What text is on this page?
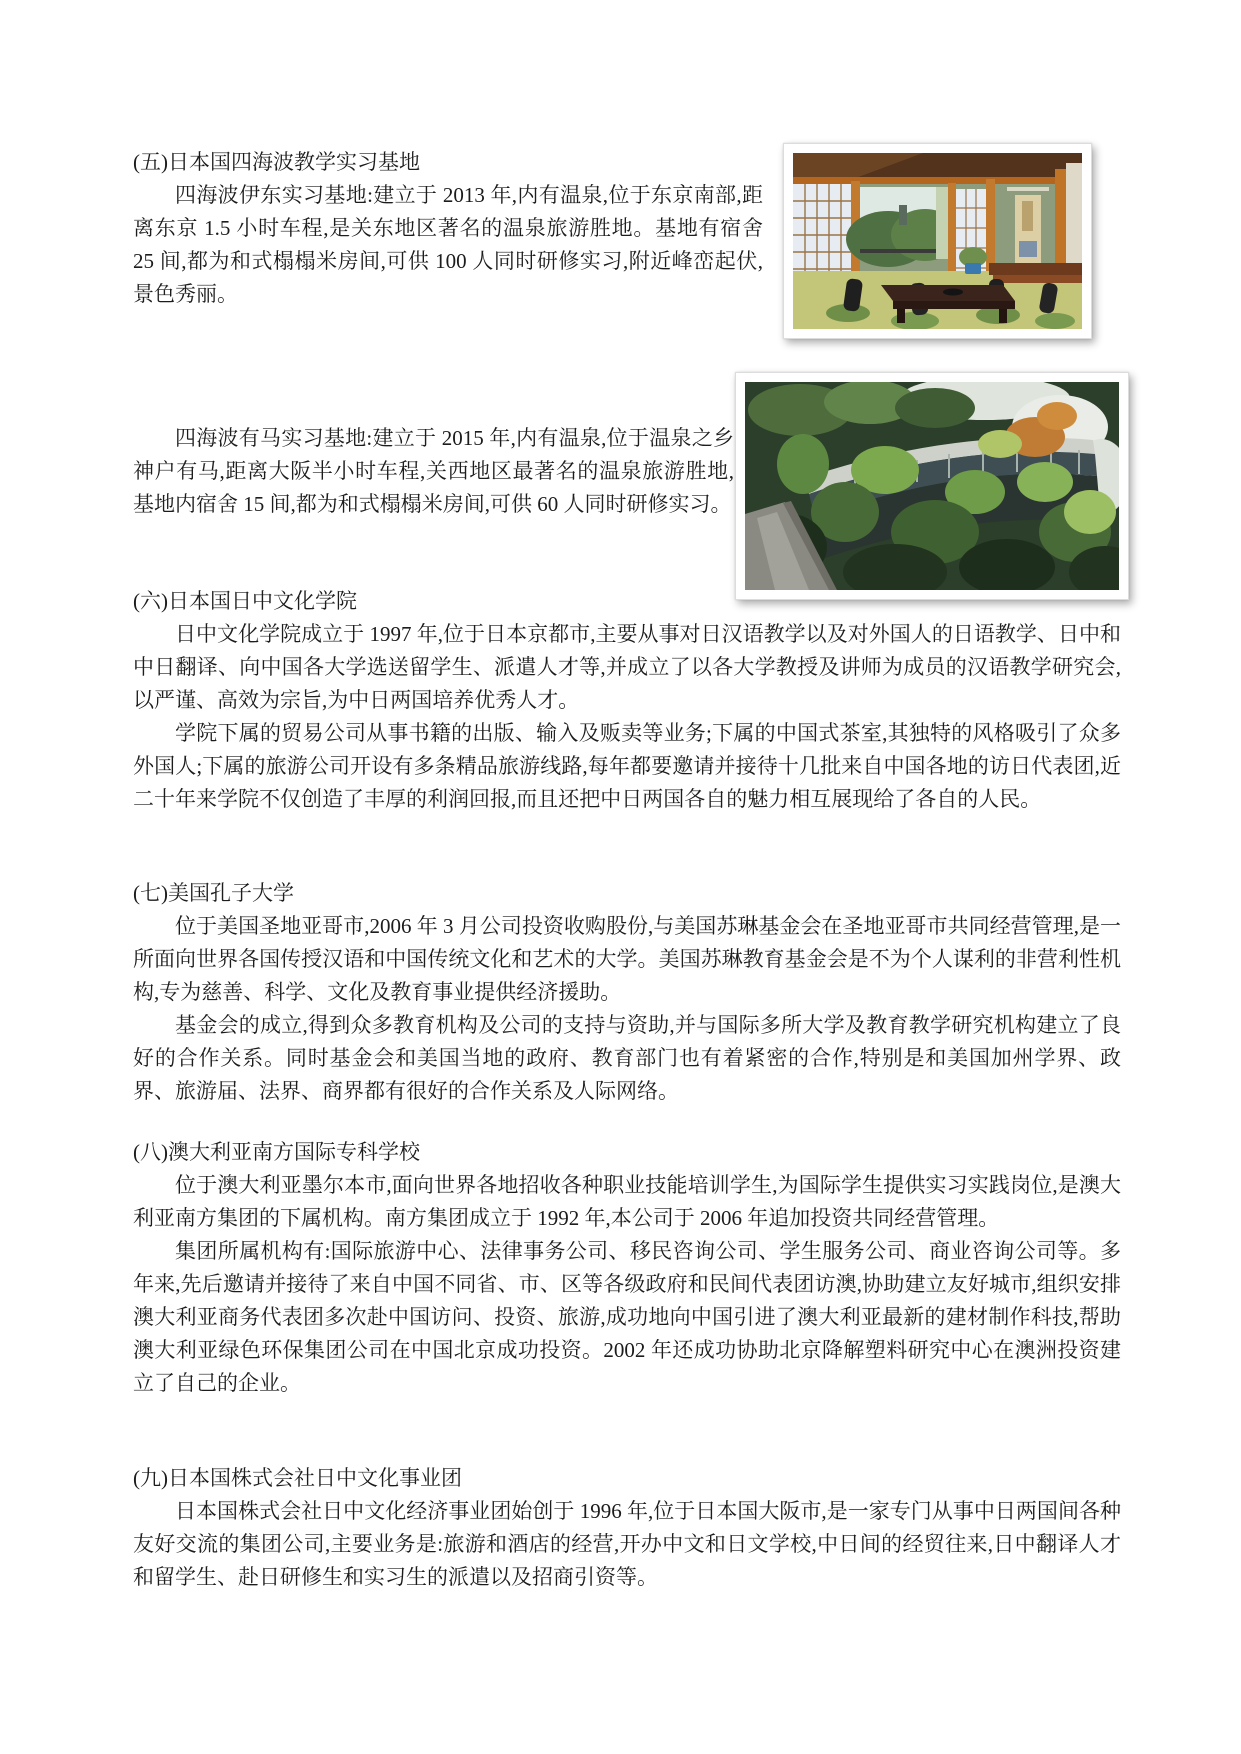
(五)日本国四海波教学实习基地

四海波伊东实习基地:建立于 2013 年,内有温泉,位于东京南部,距离东京 1.5 小时车程,是关东地区著名的温泉旅游胜地。基地有宿舍 25 间,都为和式榻榻米房间,可供 100 人同时研修实习,附近峰峦起伏,景色秀丽。

四海波有马实习基地:建立于 2015 年,内有温泉,位于温泉之乡神户有马,距离大阪半小时车程,关西地区最著名的温泉旅游胜地,基地内宿舍 15 间,都为和式榻榻米房间,可供 60 人同时研修实习。

(六)日本国日中文化学院

日中文化学院成立于 1997 年,位于日本京都市,主要从事对日汉语教学以及对外国人的日语教学、日中和中日翻译、向中国各大学选送留学生、派遣人才等,并成立了以各大学教授及讲师为成员的汉语教学研究会,以严谨、高效为宗旨,为中日两国培养优秀人才。

学院下属的贸易公司从事书籍的出版、输入及贩卖等业务;下属的中国式茶室,其独特的风格吸引了众多外国人;下属的旅游公司开设有多条精品旅游线路,每年都要邀请并接待十几批来自中国各地的访日代表团,近二十年来学院不仅创造了丰厚的利润回报,而且还把中日两国各自的魅力相互展现给了各自的人民。

(七)美国孔子大学

位于美国圣地亚哥市,2006 年 3 月公司投资收购股份,与美国苏琳基金会在圣地亚哥市共同经营管理,是一所面向世界各国传授汉语和中国传统文化和艺术的大学。美国苏琳教育基金会是不为个人谋利的非营利性机构,专为慈善、科学、文化及教育事业提供经济援助。

基金会的成立,得到众多教育机构及公司的支持与资助,并与国际多所大学及教育教学研究机构建立了良好的合作关系。同时基金会和美国当地的政府、教育部门也有着紧密的合作,特别是和美国加州学界、政界、旅游届、法界、商界都有很好的合作关系及人际网络。

(八)澳大利亚南方国际专科学校

位于澳大利亚墨尔本市,面向世界各地招收各种职业技能培训学生,为国际学生提供实习实践岗位,是澳大利亚南方集团的下属机构。南方集团成立于 1992 年,本公司于 2006 年追加投资共同经营管理。

集团所属机构有:国际旅游中心、法律事务公司、移民咨询公司、学生服务公司、商业咨询公司等。多年来,先后邀请并接待了来自中国不同省、市、区等各级政府和民间代表团访澳,协助建立友好城市,组织安排澳大利亚商务代表团多次赴中国访问、投资、旅游,成功地向中国引进了澳大利亚最新的建材制作科技,帮助澳大利亚绿色环保集团公司在中国北京成功投资。2002 年还成功协助北京降解塑料研究中心在澳洲投资建立了自己的企业。

(九)日本国株式会社日中文化事业团

日本国株式会社日中文化经济事业团始创于 1996 年,位于日本国大阪市,是一家专门从事中日两国间各种友好交流的集团公司,主要业务是:旅游和酒店的经营,开办中文和日文学校,中日间的经贸往来,日中翻译人才和留学生、赴日研修生和实习生的派遣以及招商引资等。
